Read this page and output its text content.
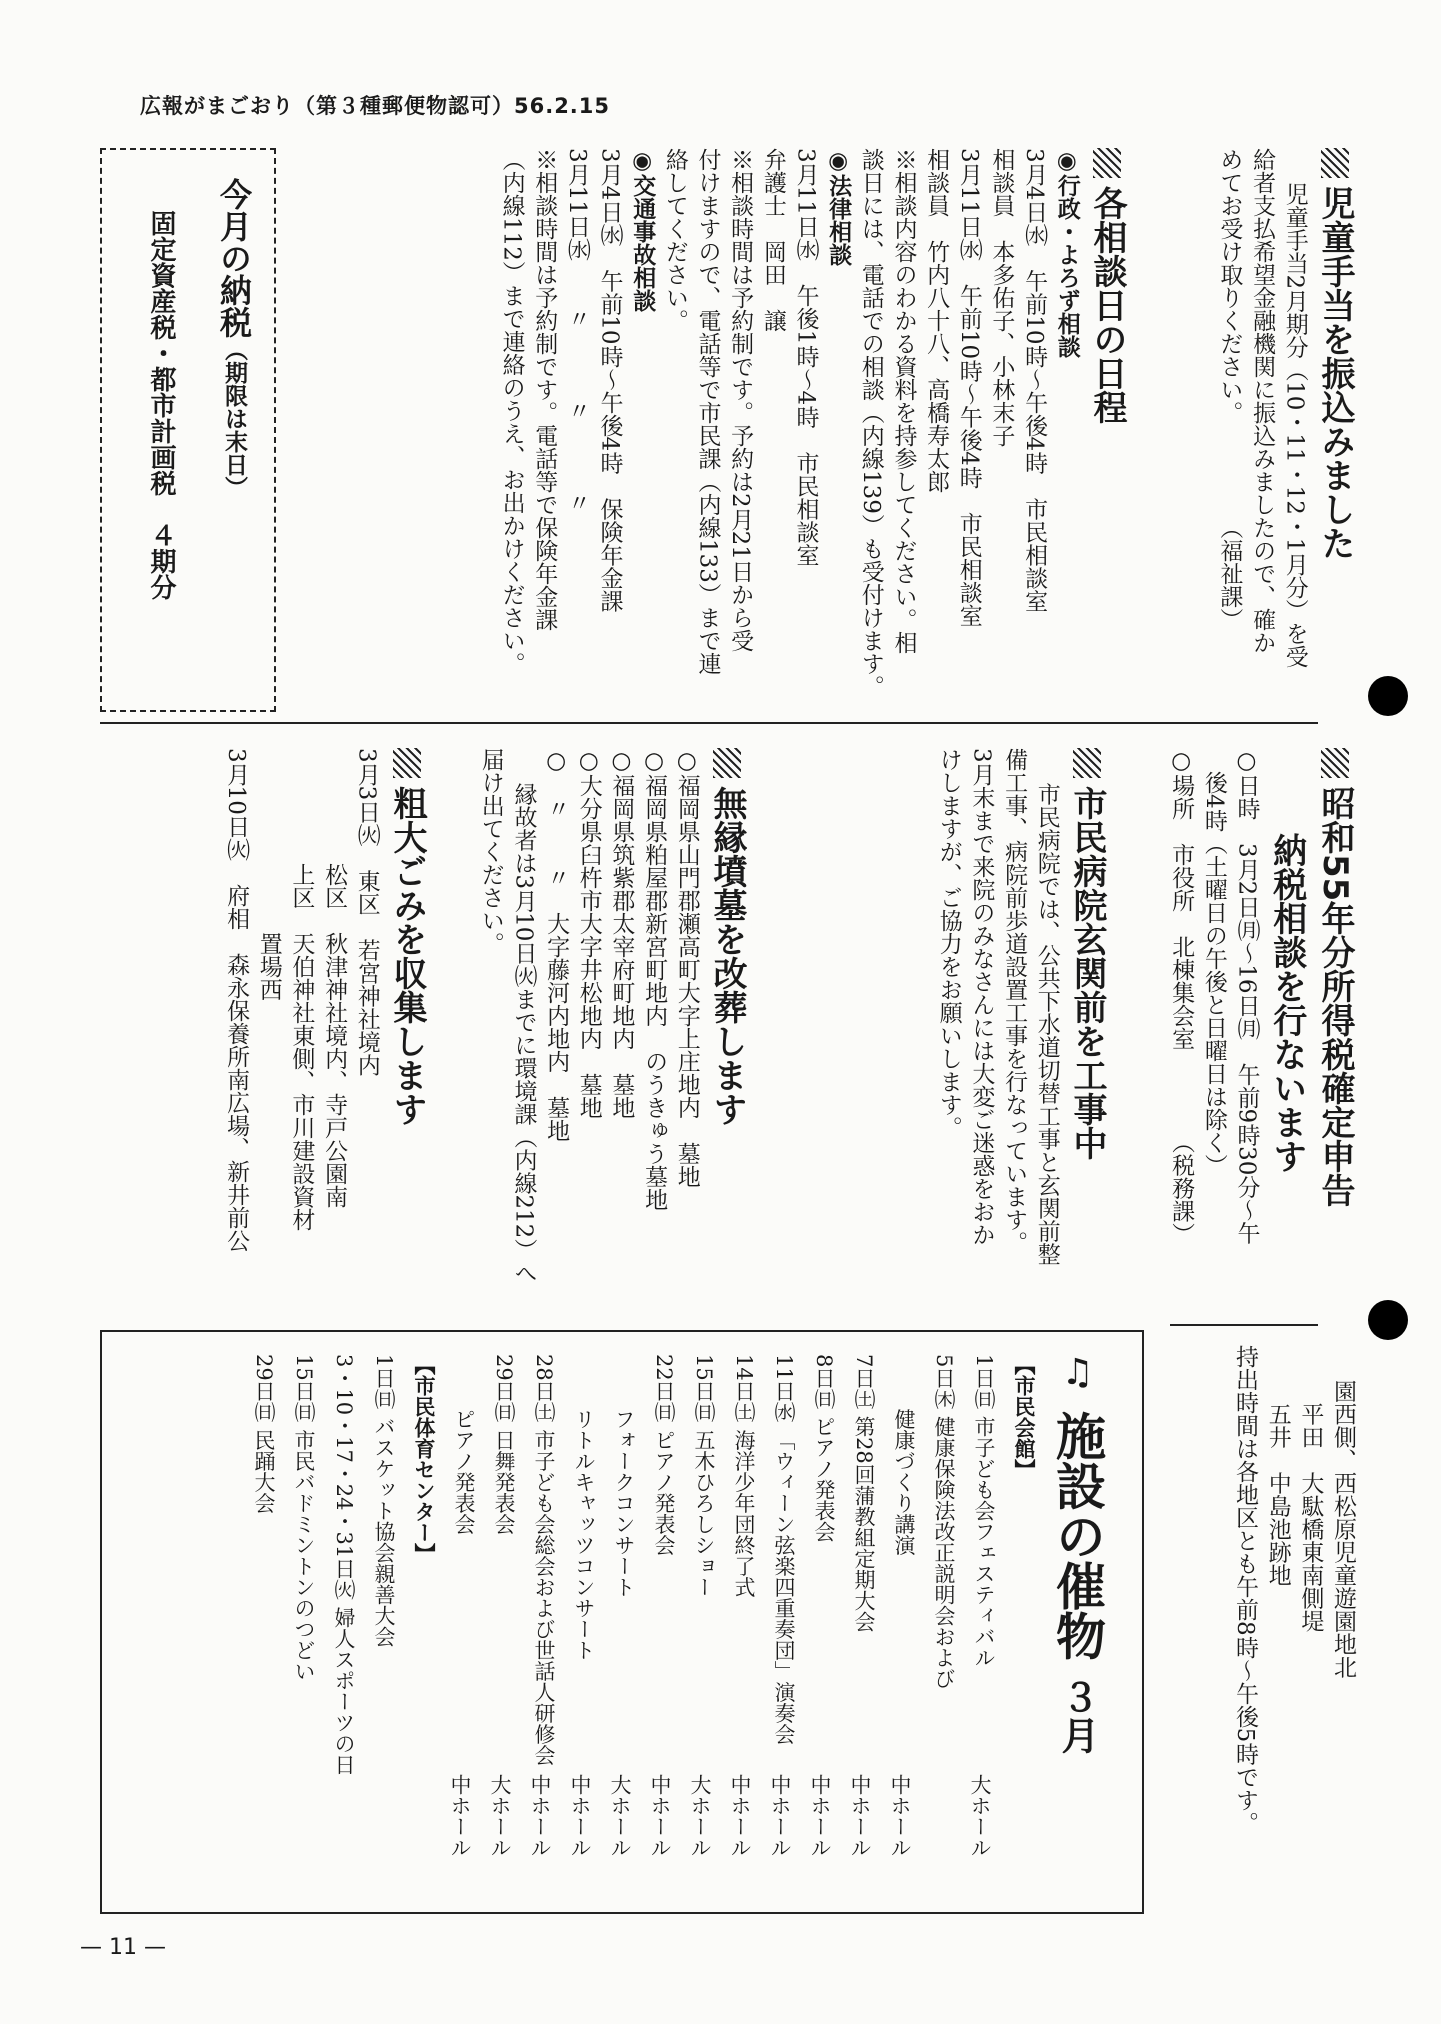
広報がまごおり（第３種郵便物認可）56.2.15
児童手当を振込みました
児童手当2月期分（10・11・12・1月分）を受
給者支払希望金融機関に振込みましたので、確か
めてお受け取りください。　　　　　（福祉課）
各相談日の日程
◉行政・よろず相談
3月4日㈬　午前10時～午後4時　市民相談室
相談員　本多佑子、小林末子
3月11日㈬　午前10時～午後4時　市民相談室
相談員　竹内八十八、高橋寿太郎
※相談内容のわかる資料を持参してください。相
談日には、電話での相談（内線139）も受付けます。
◉法律相談
3月11日㈬　午後1時～4時　市民相談室
弁護士　岡田　譲
※相談時間は予約制です。予約は2月21日から受
付けますので、電話等で市民課（内線133）まで連
絡してください。
◉交通事故相談
3月4日㈬　午前10時～午後4時　保険年金課
3月11日㈬　　〃　　　〃　　　〃
※相談時間は予約制です。電話等で保険年金課
（内線112）まで連絡のうえ、お出かけください。
今月の納税（期限は末日）
固定資産税・都市計画税　４期分
昭和55年分所得税確定申告
納税相談を行ないます
○日時　3月2日㈪～16日㈪　午前9時30分～午
　後4時（土曜日の午後と日曜日は除く）
○場所　市役所　北棟集会室　　　　（税務課）
市民病院玄関前を工事中
市民病院では、公共下水道切替工事と玄関前整
備工事、病院前歩道設置工事を行なっています。
3月末まで来院のみなさんには大変ご迷惑をおか
けしますが、ご協力をお願いします。
無縁墳墓を改葬します
○福岡県山門郡瀬高町大字上庄地内　墓地
○福岡県粕屋郡新宮町地内　のうきゅう墓地
○福岡県筑紫郡太宰府町地内　墓地
○大分県臼杵市大字井松地内　墓地
○　〃　　〃　大字藤河内地内　墓地
縁故者は3月10日㈫までに環境課（内線212）へ
届け出てください。
粗大ごみを収集します
3月3日㈫　東区　若宮神社境内
　　　　　松区　秋津神社境内、寺戸公園南
　　　　　上区　天伯神社東側、市川建設資材
　　　　　　　　置場西
3月10日㈫　府相　森永保養所南広場、新井前公
園西側、西松原児童遊園地北
平田　大駄橋東南側堤
五井　中島池跡地
持出時間は各地区とも午前8時～午後5時です。
♫ 施設の催物 ３月
【市民会館】
1日㈰ 市子ども会フェスティバル
大ホール
5日㈭ 健康保険法改正説明会および
健康づくり講演
中ホール
7日㈯ 第28回蒲教組定期大会
中ホール
8日㈰ ピアノ発表会
中ホール
11日㈬ 「ウィーン弦楽四重奏団」演奏会
中ホール
14日㈯ 海洋少年団終了式
中ホール
15日㈰ 五木ひろしショー
大ホール
22日㈰ ピアノ発表会
中ホール
フォークコンサート
大ホール
リトルキャッツコンサート
中ホール
28日㈯ 市子ども会総会および世話人研修会
中ホール
29日㈰ 日舞発表会
大ホール
ピアノ発表会
中ホール
【市民体育センター】
1日㈰ バスケット協会親善大会
3・10・17・24・31日㈫ 婦人スポーツの日
15日㈰ 市民バドミントンのつどい
29日㈰ 民踊大会
— 11 —
